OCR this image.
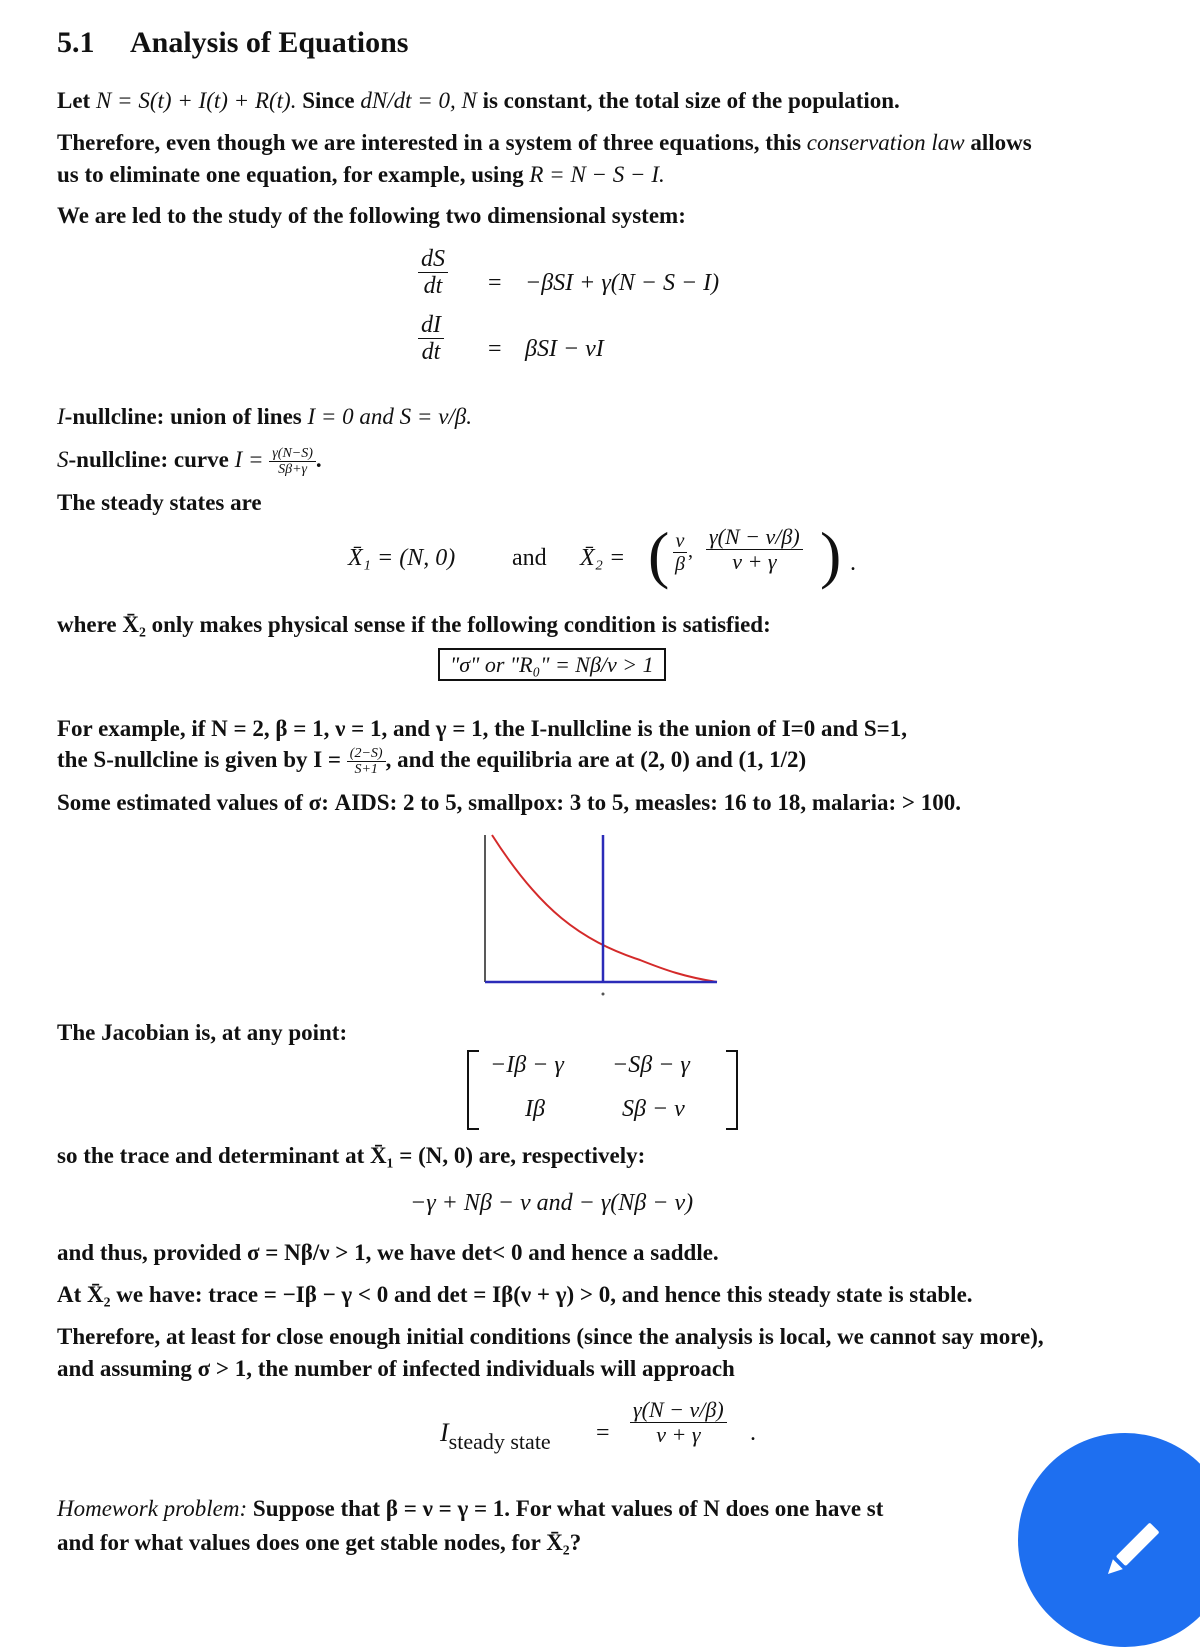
5.1 Analysis of Equations
Let N = S(t) + I(t) + R(t). Since dN/dt = 0, N is constant, the total size of the population.
Therefore, even though we are interested in a system of three equations, this conservation law allows
us to eliminate one equation, for example, using R = N − S − I.
We are led to the study of the following two dimensional system:
$\frac{dS}{dt} = -\beta SI + \gamma(N - S - I)$
$\frac{dI}{dt} = \beta SI - \nu I$
I-nullcline: union of lines I = 0 and S = ν/β.
S-nullcline: curve $I = \frac{\gamma(N-S)}{S\beta+\gamma}$ .
The steady states are
X̄₁ = (N, 0) and X̄₂ = ( $\frac{\nu}{\beta}$ , $\frac{\gamma(N - \nu/\beta)}{\nu + \gamma}$ ) .
where X̄₂ only makes physical sense if the following condition is satisfied:
"σ" or "R₀" = Nβ/ν > 1
For example, if N = 2, β = 1, ν = 1, and γ = 1, the I-nullcline is the union of I=0 and S=1,
the S-nullcline is given by $I = \frac{(2-S)}{S+1}$ , and the equilibria are at (2, 0) and (1, 1/2)
Some estimated values of σ: AIDS: 2 to 5, smallpox: 3 to 5, measles: 16 to 18, malaria: > 100.
The Jacobian is, at any point:
−Iβ − γ −Sβ − γ
Iβ	Sβ − ν
so the trace and determinant at X̄₁ = (N, 0) are, respectively:
−γ + Nβ − ν and − γ(Nβ − ν)
and thus, provided σ = Nβ/ν > 1, we have det< 0 and hence a saddle.
At X̄₂ we have: trace = −Iβ − γ < 0 and det = Iβ(ν + γ) > 0, and hence this steady state is stable.
Therefore, at least for close enough initial conditions (since the analysis is local, we cannot say more),
and assuming σ > 1, the number of infected individuals will approach
$I_{steady state} = \frac{\gamma(N - \nu/\beta)}{\nu + \gamma}$ .
Homework problem: Suppose that β = ν = γ = 1. For what values of N does one have st
and for what values does one get stable nodes, for X̄₂?
